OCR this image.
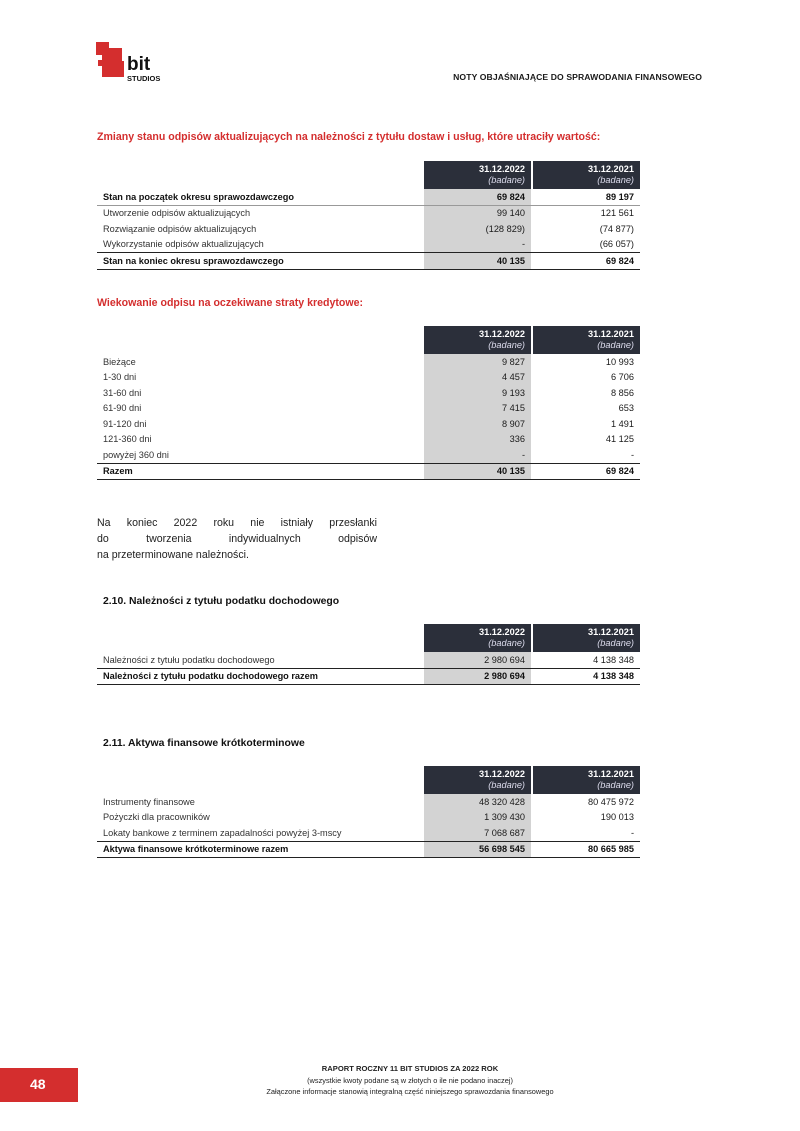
bit
STUDIOS	NOTY OBJAŚNIAJĄCE DO SPRAWODANIA FINANSOWEGO
Zmiany stanu odpisów aktualizujących na należności z tytułu dostaw i usług, które utraciły wartość:
	31.12.2022
(badane)		31.12.2021
(badane)

Stan na początek okresu sprawozdawczego	69 824		89 197
Utworzenie odpisów aktualizujących	99 140		121 561
Rozwiązanie odpisów aktualizujących	(128 829)		(74 877)
Wykorzystanie odpisów aktualizujących	-		(66 057)
Stan na koniec okresu sprawozdawczego	40 135		69 824
Wiekowanie odpisu na oczekiwane straty kredytowe:
	31.12.2022
(badane)		31.12.2021
(badane)

Bieżące	9 827		10 993
1-30 dni	4 457		6 706
31-60 dni	9 193		8 856
61-90 dni	7 415		653
91-120 dni	8 907		1 491
121-360 dni	336		41 125
powyżej 360 dni	-		-
Razem	40 135		69 824
Na koniec 2022 roku nie istniały przesłanki
do tworzenia indywidualnych odpisów
na przeterminowane należności.
2.10. Należności z tytułu podatku dochodowego
	31.12.2022
(badane)		31.12.2021
(badane)

Należności z tytułu podatku dochodowego	2 980 694		4 138 348
Należności z tytułu podatku dochodowego razem	2 980 694		4 138 348
2.11. Aktywa finansowe krótkoterminowe
	31.12.2022
(badane)		31.12.2021
(badane)

Instrumenty finansowe	48 320 428		80 475 972
Pożyczki dla pracowników	1 309 430		190 013
Lokaty bankowe z terminem zapadalności powyżej 3-mscy	7 068 687		-
Aktywa finansowe krótkoterminowe razem	56 698 545		80 665 985
48
RAPORT ROCZNY 11 BIT STUDIOS ZA 2022 ROK
(wszystkie kwoty podane są w złotych o ile nie podano inaczej)
Załączone informacje stanowią integralną część niniejszego sprawozdania finansowego
